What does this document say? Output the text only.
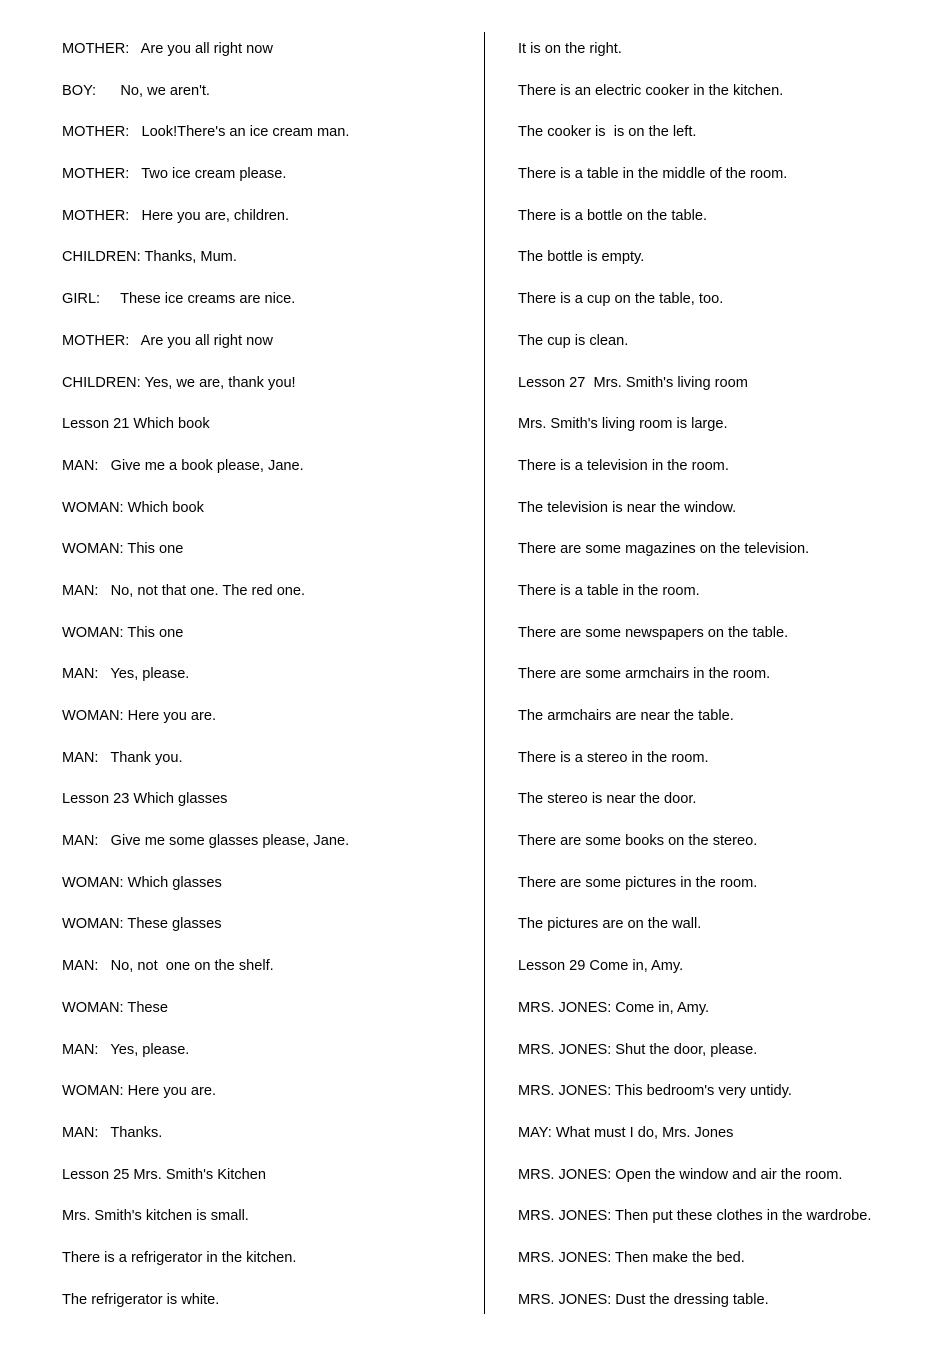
MOTHER:   Are you all right now

BOY:      No, we aren't.

MOTHER:   Look!There's an ice cream man.

MOTHER:   Two ice cream please.

MOTHER:   Here you are, children.

CHILDREN: Thanks, Mum.

GIRL:     These ice creams are nice.

MOTHER:   Are you all right now

CHILDREN: Yes, we are, thank you!

Lesson 21 Which book

MAN:   Give me a book please, Jane.

WOMAN: Which book

WOMAN: This one

MAN:   No, not that one. The red one.

WOMAN: This one

MAN:   Yes, please.

WOMAN: Here you are.

MAN:   Thank you.

Lesson 23 Which glasses

MAN:   Give me some glasses please, Jane.

WOMAN: Which glasses

WOMAN: These glasses

MAN:   No, not  one on the shelf.

WOMAN: These

MAN:   Yes, please.

WOMAN: Here you are.

MAN:   Thanks.

Lesson 25 Mrs. Smith's Kitchen

Mrs. Smith's kitchen is small.

There is a refrigerator in the kitchen.

The refrigerator is white.

It is on the right.

There is an electric cooker in the kitchen.

The cooker is  is on the left.

There is a table in the middle of the room.

There is a bottle on the table.

The bottle is empty.

There is a cup on the table, too.

The cup is clean.

Lesson 27  Mrs. Smith's living room

Mrs. Smith's living room is large.

There is a television in the room.

The television is near the window.

There are some magazines on the television.

There is a table in the room.

There are some newspapers on the table.

There are some armchairs in the room.

The armchairs are near the table.

There is a stereo in the room.

The stereo is near the door.

There are some books on the stereo.

There are some pictures in the room.

The pictures are on the wall.

Lesson 29 Come in, Amy.

MRS. JONES: Come in, Amy.

MRS. JONES: Shut the door, please.

MRS. JONES: This bedroom's very untidy.

MAY: What must I do, Mrs. Jones

MRS. JONES: Open the window and air the room.

MRS. JONES: Then put these clothes in the wardrobe.

MRS. JONES: Then make the bed.

MRS. JONES: Dust the dressing table.
